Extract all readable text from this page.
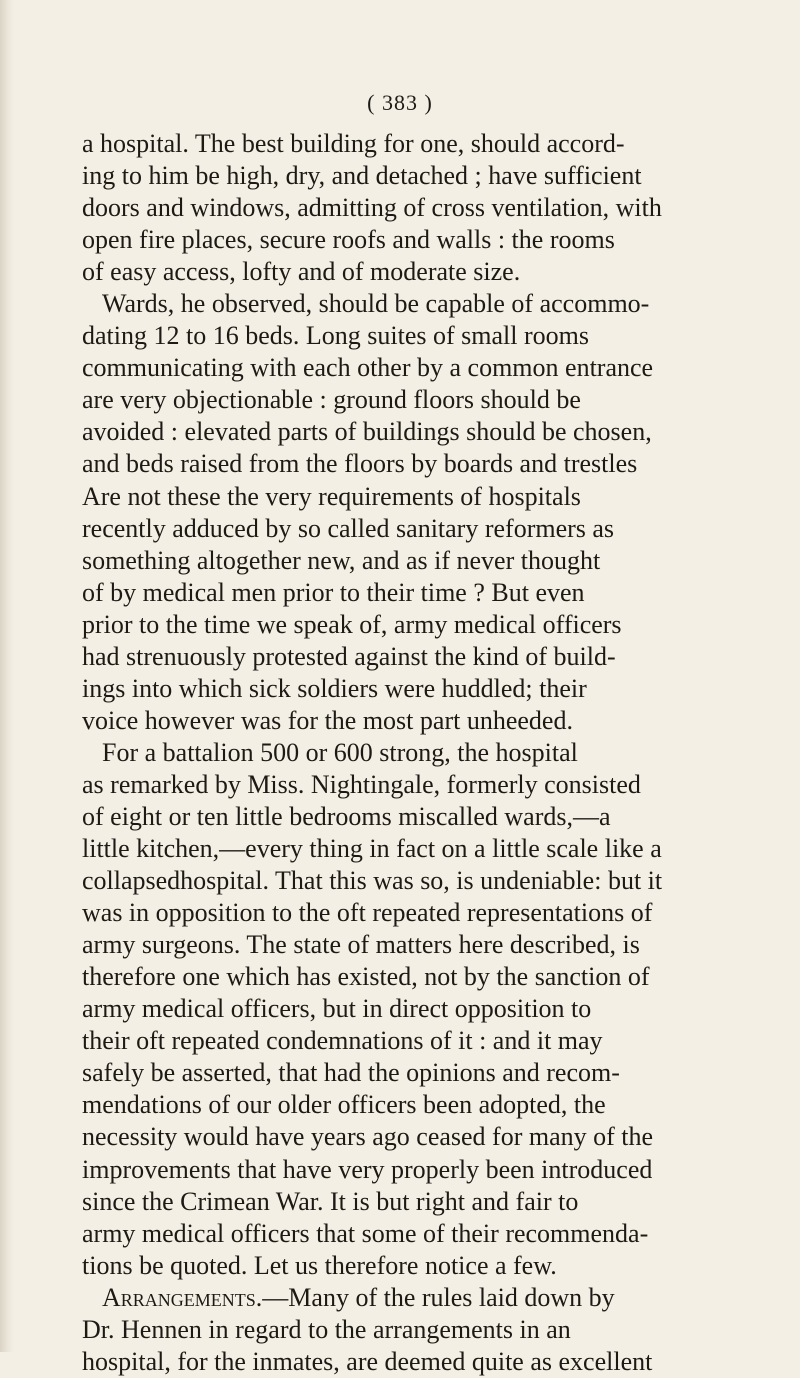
( 383 )
a hospital. The best building for one, should accord-
ing to him be high, dry, and detached ; have sufficient
doors and windows, admitting of cross ventilation, with
open fire places, secure roofs and walls : the rooms
of easy access, lofty and of moderate size.
Wards, he observed, should be capable of accommo-
dating 12 to 16 beds. Long suites of small rooms
communicating with each other by a common entrance
are very objectionable : ground floors should be
avoided : elevated parts of buildings should be chosen,
and beds raised from the floors by boards and trestles
Are not these the very requirements of hospitals
recently adduced by so called sanitary reformers as
something altogether new, and as if never thought
of by medical men prior to their time ? But even
prior to the time we speak of, army medical officers
had strenuously protested against the kind of build-
ings into which sick soldiers were huddled; their
voice however was for the most part unheeded.
For a battalion 500 or 600 strong, the hospital
as remarked by Miss. Nightingale, formerly consisted
of eight or ten little bedrooms miscalled wards,—a
little kitchen,—every thing in fact on a little scale like a
collapsedhospital. That this was so, is undeniable: but it
was in opposition to the oft repeated representations of
army surgeons. The state of matters here described, is
therefore one which has existed, not by the sanction of
army medical officers, but in direct opposition to
their oft repeated condemnations of it : and it may
safely be asserted, that had the opinions and recom-
mendations of our older officers been adopted, the
necessity would have years ago ceased for many of the
improvements that have very properly been introduced
since the Crimean War. It is but right and fair to
army medical officers that some of their recommenda-
tions be quoted. Let us therefore notice a few.
Arrangements.—Many of the rules laid down by
Dr. Hennen in regard to the arrangements in an
hospital, for the inmates, are deemed quite as excellent
